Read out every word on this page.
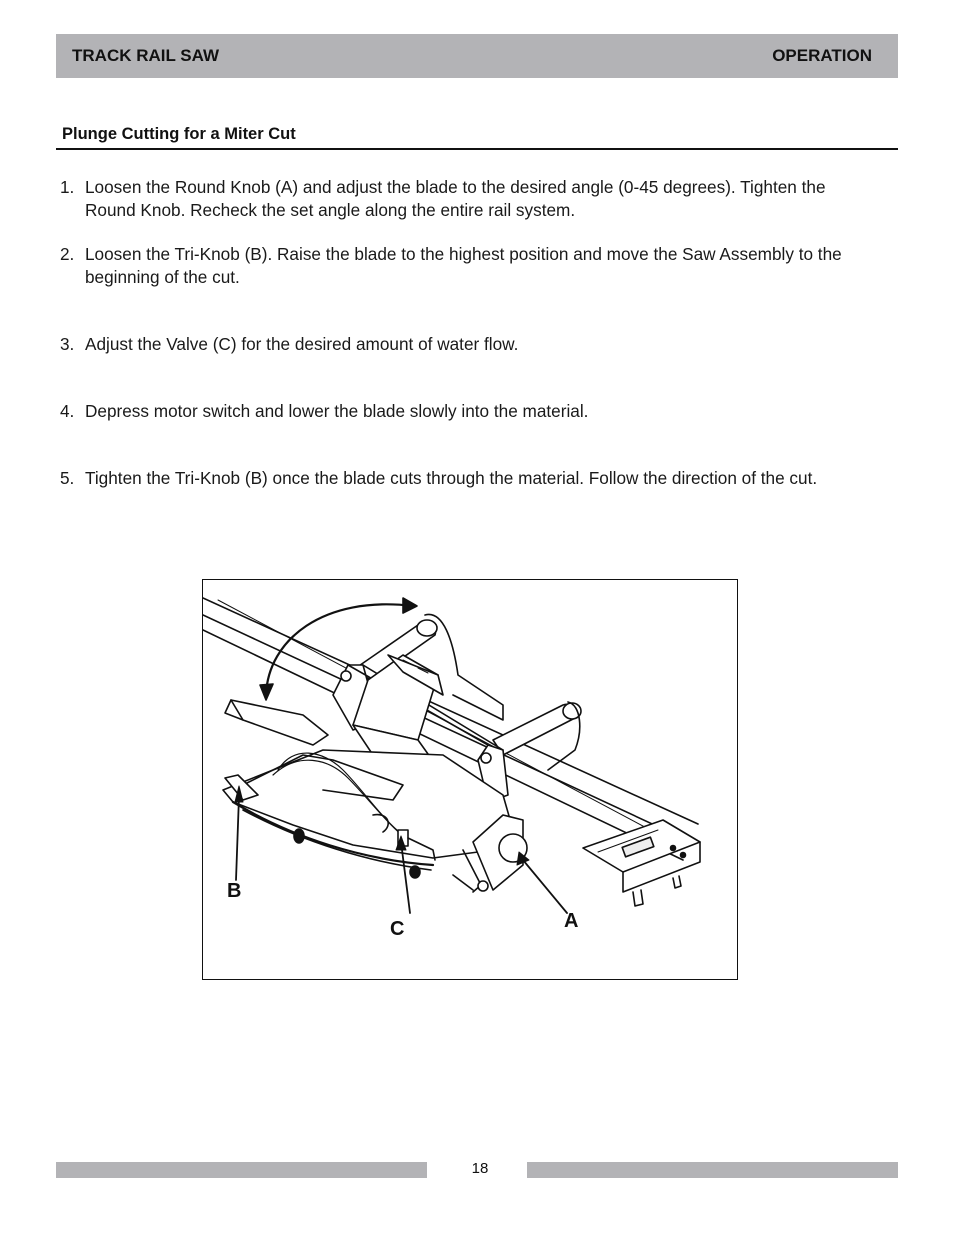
TRACK RAIL SAW	OPERATION
Plunge Cutting for a Miter Cut
1. Loosen the Round Knob (A) and adjust the blade to the desired angle (0-45 degrees). Tighten the Round Knob. Recheck the set angle along the entire rail system.
2. Loosen the Tri-Knob (B). Raise the blade to the highest position and move the Saw Assembly to the beginning of the cut.
3. Adjust the Valve (C) for the desired amount of water flow.
4. Depress motor switch and lower the blade slowly into the material.
5. Tighten the Tri-Knob (B) once the blade cuts through the material. Follow the direction of the cut.
B
C	A
18
